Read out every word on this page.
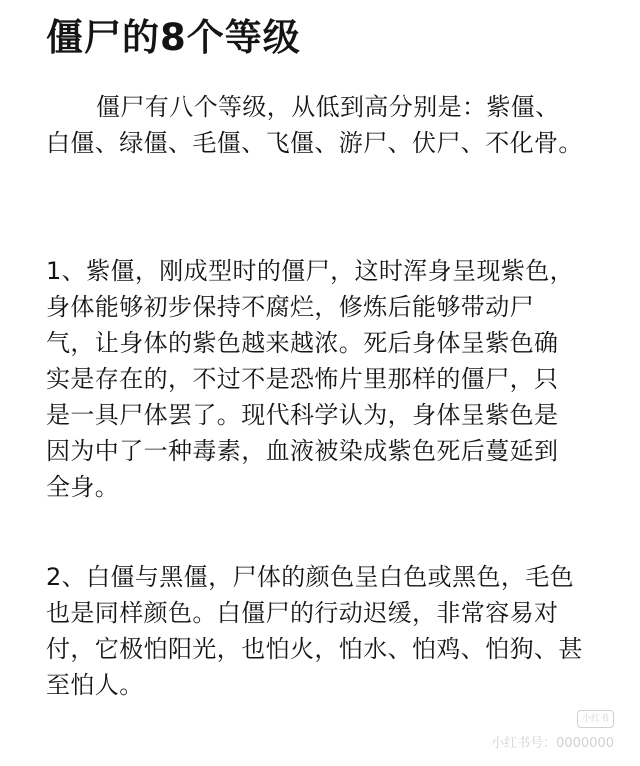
僵尸的8个等级
僵尸有八个等级，从低到高分别是：紫僵、
白僵、绿僵、毛僵、飞僵、游尸、伏尸、不化骨。
1、紫僵，刚成型时的僵尸，这时浑身呈现紫色，
身体能够初步保持不腐烂，修炼后能够带动尸
气，让身体的紫色越来越浓。死后身体呈紫色确
实是存在的，不过不是恐怖片里那样的僵尸，只
是一具尸体罢了。现代科学认为，身体呈紫色是
因为中了一种毒素，血液被染成紫色死后蔓延到
全身。
2、白僵与黑僵，尸体的颜色呈白色或黑色，毛色
也是同样颜色。白僵尸的行动迟缓，非常容易对
付，它极怕阳光，也怕火，怕水、怕鸡、怕狗、甚
至怕人。
小红书
小红书号：0000000
